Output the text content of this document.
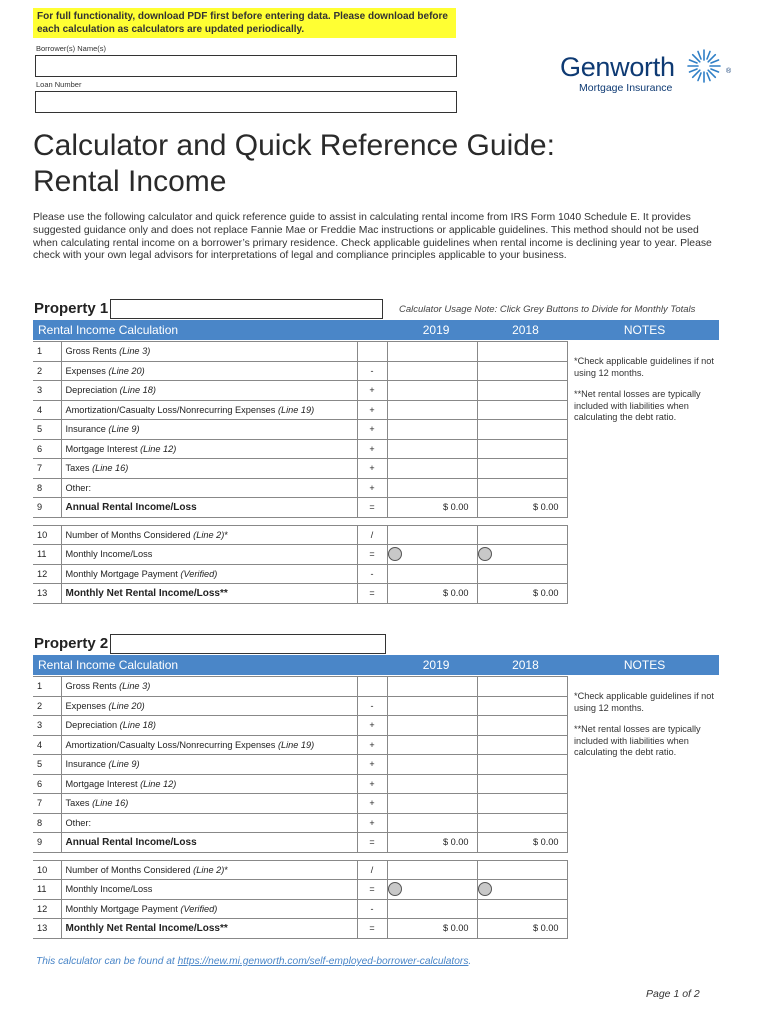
For full functionality, download PDF first before entering data. Please download before each calculation as calculators are updated periodically.
Borrower(s) Name(s)
Loan Number
Genworth	®
Mortgage Insurance
Calculator and Quick Reference Guide:
Rental Income
Please use the following calculator and quick reference guide to assist in calculating rental income from IRS Form 1040 Schedule E. It provides suggested guidance only and does not replace Fannie Mae or Freddie Mac instructions or applicable guidelines. This method should not be used when calculating rental income on a borrower’s primary residence. Check applicable guidelines when rental income is declining year to year. Please check with your own legal advisors for interpretations of legal and compliance principles applicable to your business.
Property 1	Calculator Usage Note: Click Grey Buttons to Divide for Monthly Totals
Rental Income Calculation	2019	2018	NOTES
1	Gross Rents (Line 3)			
2	Expenses (Line 20)	-		
3	Depreciation (Line 18)	+		
4	Amortization/Casualty Loss/Nonrecurring Expenses (Line 19)	+		
5	Insurance (Line 9)	+		
6	Mortgage Interest (Line 12)	+		
7	Taxes (Line 16)	+		
8	Other:	+		
9	Annual Rental Income/Loss	=	$ 0.00	$ 0.00

10	Number of Months Considered (Line 2)*	/		
11	Monthly Income/Loss	=		
12	Monthly Mortgage Payment (Verified)	-		
13	Monthly Net Rental Income/Loss**	=	$ 0.00	$ 0.00
*Check applicable guidelines if not using 12 months.
**Net rental losses are typically included with liabilities when calculating the debt ratio.
Property 2
Rental Income Calculation	2019	2018	NOTES
1	Gross Rents (Line 3)			
2	Expenses (Line 20)	-		
3	Depreciation (Line 18)	+		
4	Amortization/Casualty Loss/Nonrecurring Expenses (Line 19)	+		
5	Insurance (Line 9)	+		
6	Mortgage Interest (Line 12)	+		
7	Taxes (Line 16)	+		
8	Other:	+		
9	Annual Rental Income/Loss	=	$ 0.00	$ 0.00

10	Number of Months Considered (Line 2)*	/		
11	Monthly Income/Loss	=		
12	Monthly Mortgage Payment (Verified)	-		
13	Monthly Net Rental Income/Loss**	=	$ 0.00	$ 0.00
*Check applicable guidelines if not using 12 months.
**Net rental losses are typically included with liabilities when calculating the debt ratio.
This calculator can be found at https://new.mi.genworth.com/self-employed-borrower-calculators.
Page 1 of 2
